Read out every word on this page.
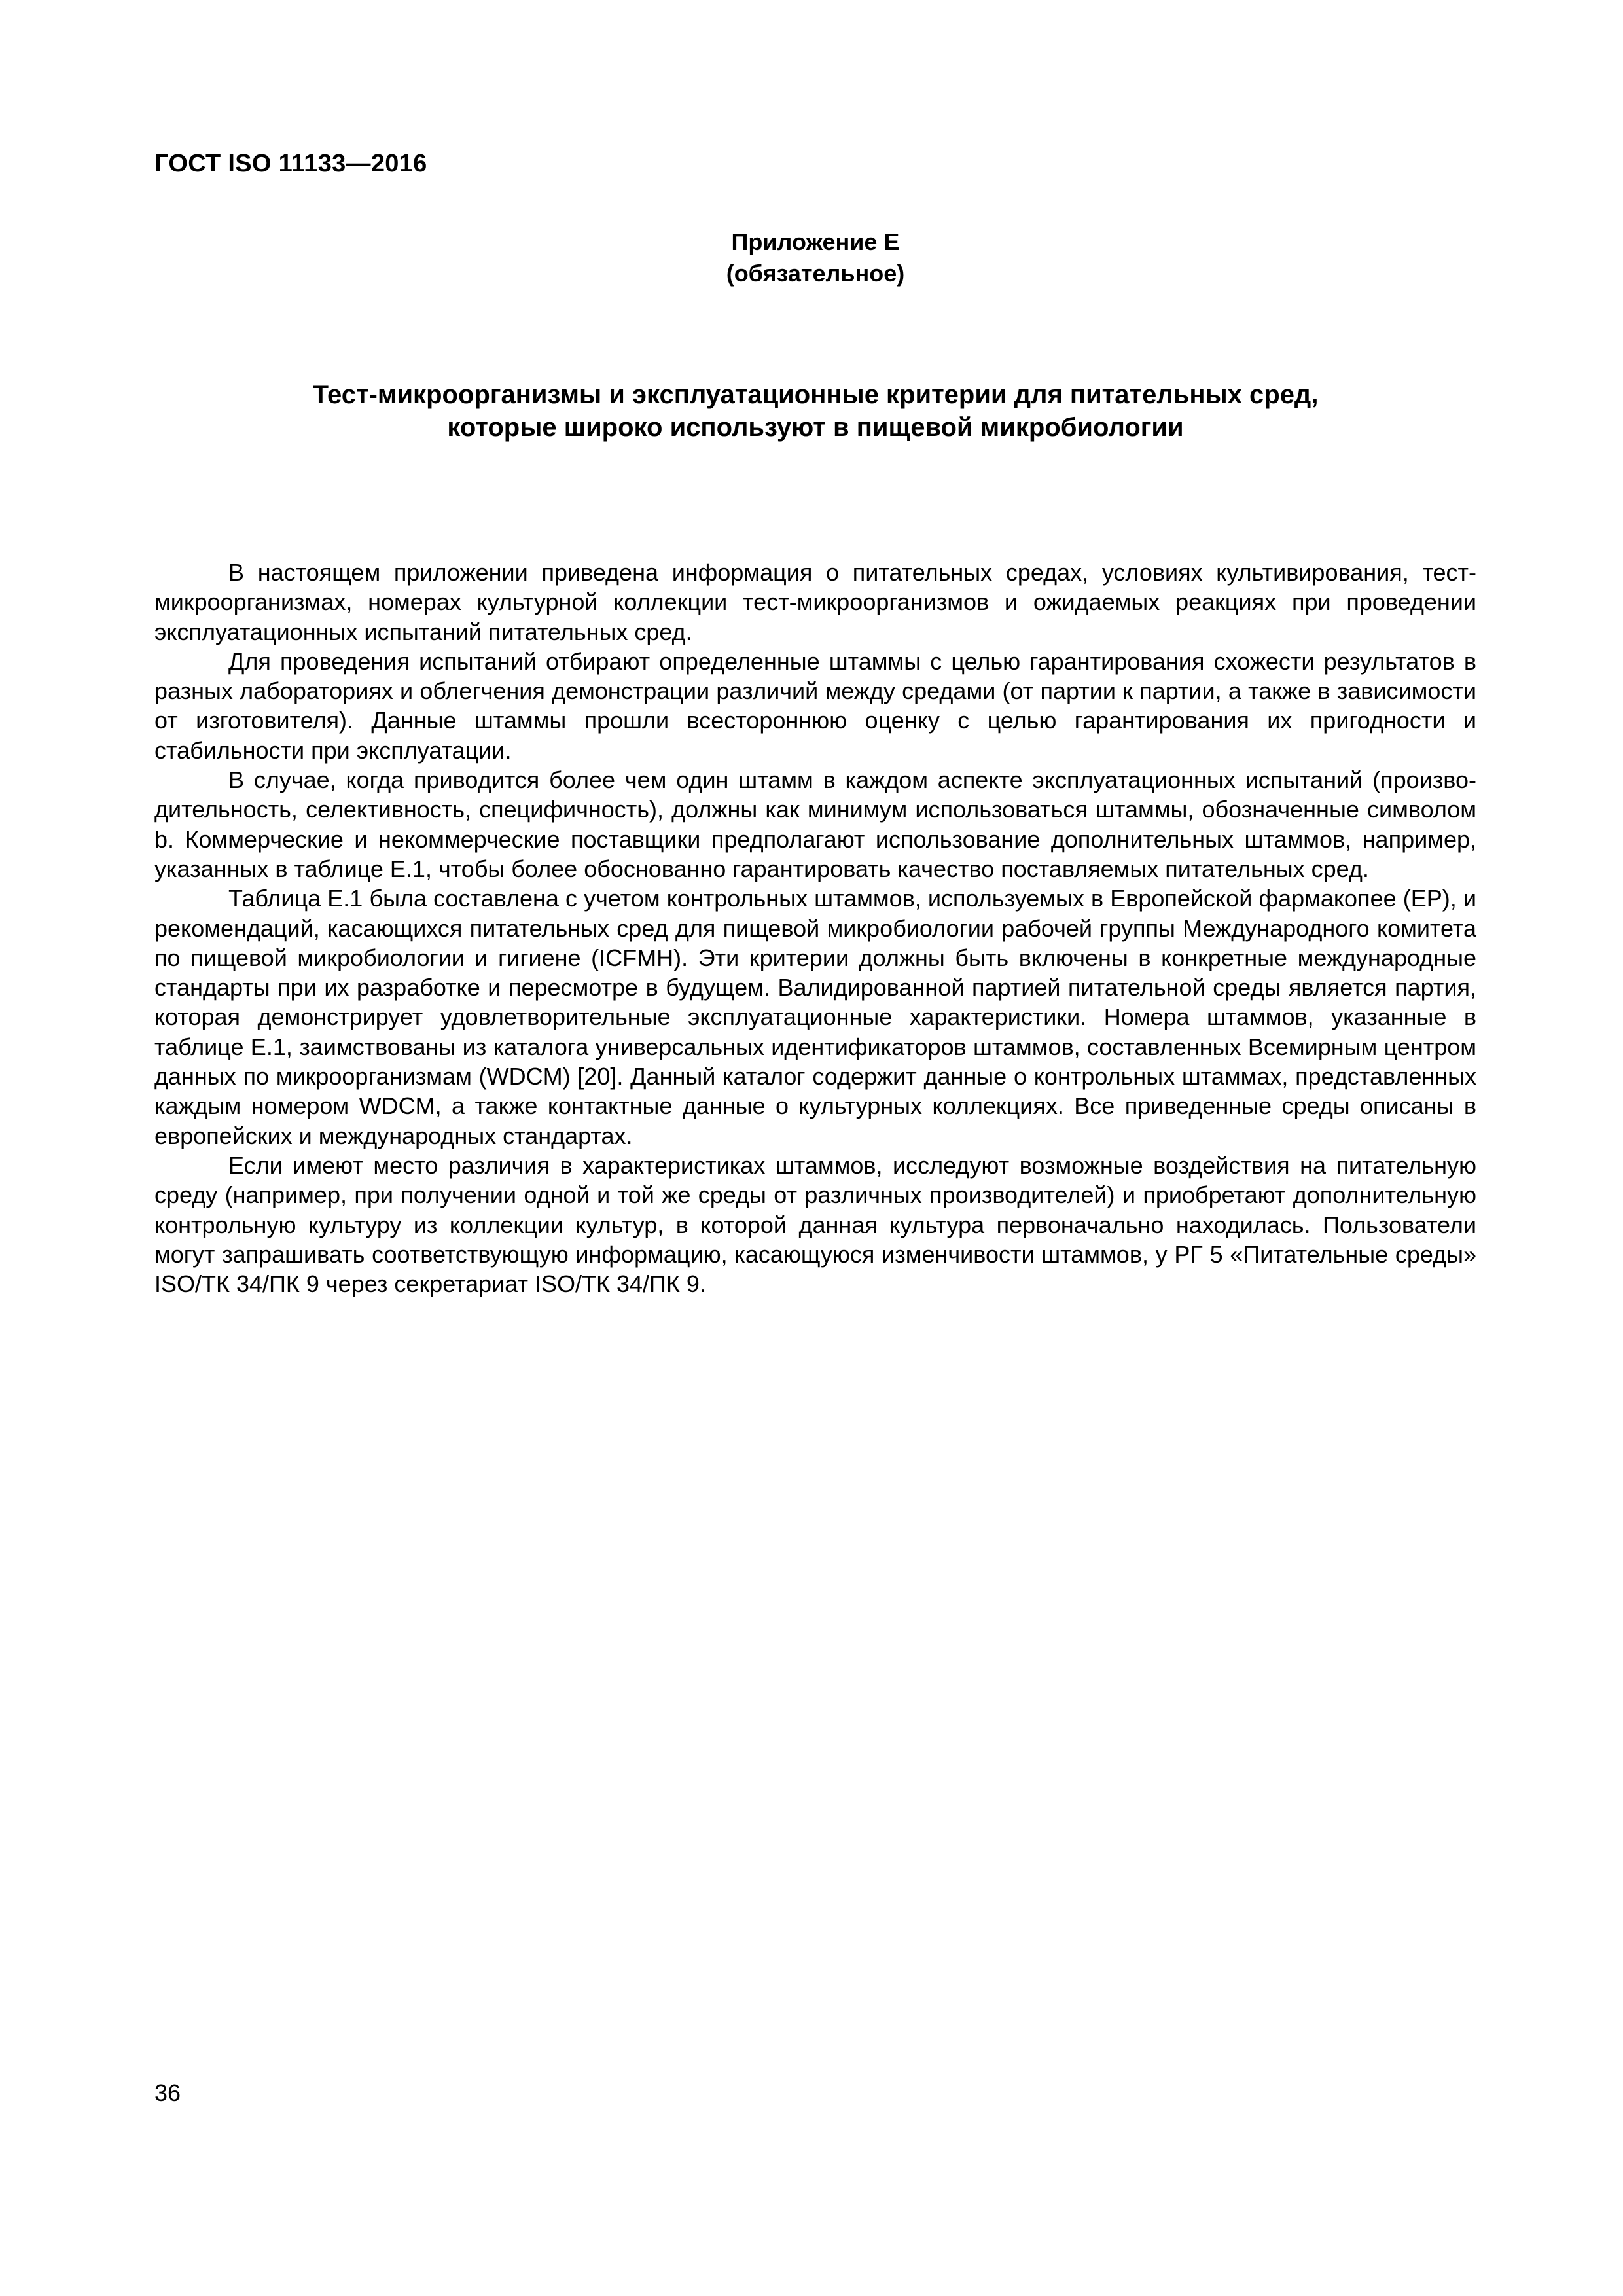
ГОСТ ISO 11133—2016
Приложение Е
(обязательное)
Тест-микроорганизмы и эксплуатационные критерии для питательных сред,
которые широко используют в пищевой микробиологии

В настоящем приложении приведена информация о питательных средах, условиях культивирования, тест-микроорганизмах, номерах культурной коллекции тест-микроорганизмов и ожидаемых реакциях при проведении эксплуатационных испытаний питательных сред.

Для проведения испытаний отбирают определенные штаммы с целью гарантирования схожести результатов в разных лабораториях и облегчения демонстрации различий между средами (от партии к партии, а также в зависимости от изготовителя). Данные штаммы прошли всестороннюю оценку с целью гарантирования их пригодности и стабильности при эксплуатации.

В случае, когда приводится более чем один штамм в каждом аспекте эксплуатационных испытаний (производительность, селективность, специфичность), должны как минимум использоваться штаммы, обозначенные символом b. Коммерческие и некоммерческие поставщики предполагают использование дополнительных штаммов, например, указанных в таблице Е.1, чтобы более обоснованно гарантировать качество поставляемых питательных сред.

Таблица Е.1 была составлена с учетом контрольных штаммов, используемых в Европейской фармакопее (ЕР), и рекомендаций, касающихся питательных сред для пищевой микробиологии рабочей группы Международного комитета по пищевой микробиологии и гигиене (ICFMH). Эти критерии должны быть включены в конкретные международные стандарты при их разработке и пересмотре в будущем. Валидированной партией питательной среды является партия, которая демонстрирует удовлетворительные эксплуатационные характеристики. Номера штаммов, указанные в таблице Е.1, заимствованы из каталога универсальных идентификаторов штаммов, составленных Всемирным центром данных по микроорганизмам (WDCM) [20]. Данный каталог содержит данные о контрольных штаммах, представленных каждым номером WDCM, а также контактные данные о культурных коллекциях. Все приведенные среды описаны в европейских и международных стандартах.

Если имеют место различия в характеристиках штаммов, исследуют возможные воздействия на питательную среду (например, при получении одной и той же среды от различных производителей) и приобретают дополнительную контрольную культуру из коллекции культур, в которой данная культура первоначально находилась. Пользователи могут запрашивать соответствующую информацию, касающуюся изменчивости штаммов, у РГ 5 «Питательные среды» ISO/ТК 34/ПК 9 через секретариат ISO/ТК 34/ПК 9.

36
